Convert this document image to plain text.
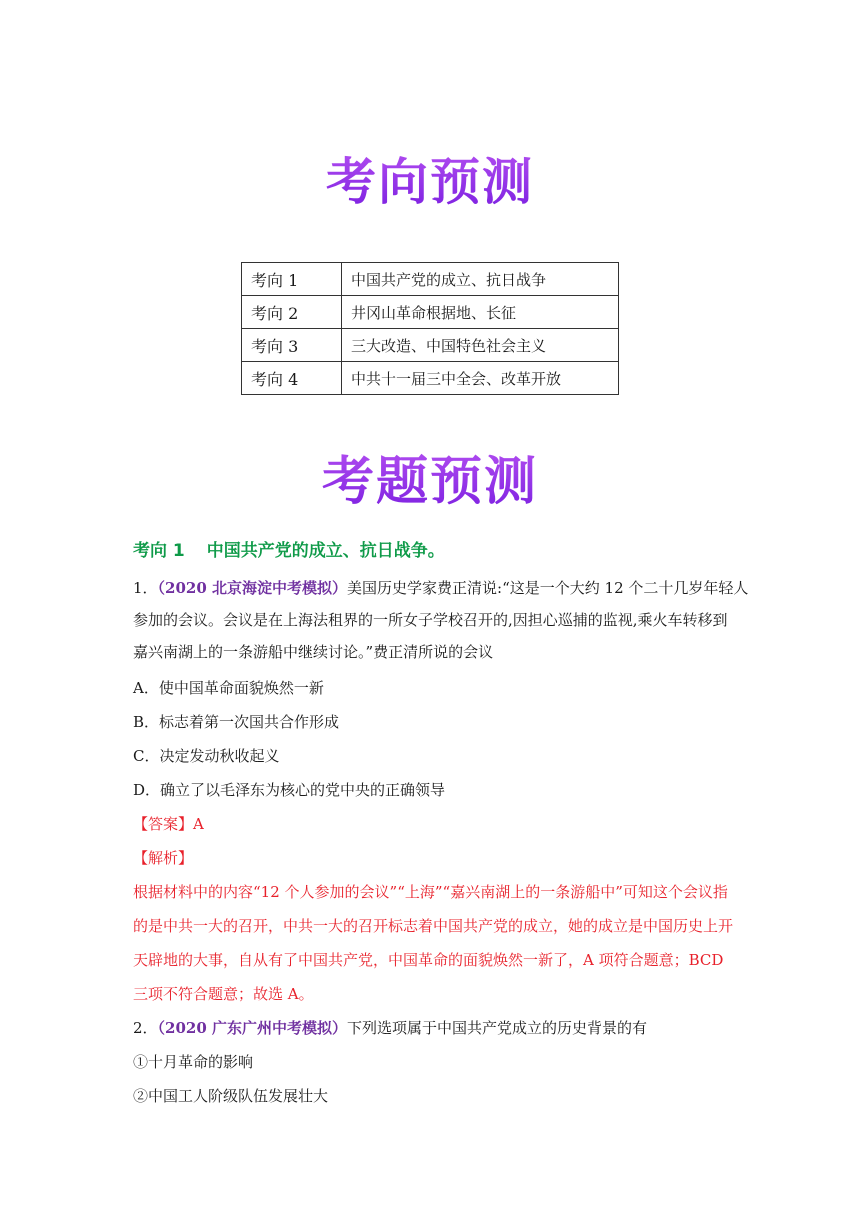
考向预测
考向 1	中国共产党的成立、抗日战争
考向 2	井冈山革命根据地、长征
考向 3	三大改造、中国特色社会主义
考向 4	中共十一届三中全会、改革开放
考题预测
考向 1 中国共产党的成立、抗日战争。
1．（2020 北京海淀中考模拟）美国历史学家费正清说:“这是一个大约 12 个二十几岁年轻人
参加的会议。会议是在上海法租界的一所女子学校召开的,因担心巡捕的监视,乘火车转移到
嘉兴南湖上的一条游船中继续讨论。”费正清所说的会议
A．使中国革命面貌焕然一新
B．标志着第一次国共合作形成
C．决定发动秋收起义
D．确立了以毛泽东为核心的党中央的正确领导
【答案】A
【解析】
根据材料中的内容“12 个人参加的会议”“上海”“嘉兴南湖上的一条游船中”可知这个会议指
的是中共一大的召开，中共一大的召开标志着中国共产党的成立，她的成立是中国历史上开
天辟地的大事，自从有了中国共产党，中国革命的面貌焕然一新了，A 项符合题意；BCD
三项不符合题意；故选 A。
2．（2020 广东广州中考模拟）下列选项属于中国共产党成立的历史背景的有
①十月革命的影响
②中国工人阶级队伍发展壮大
